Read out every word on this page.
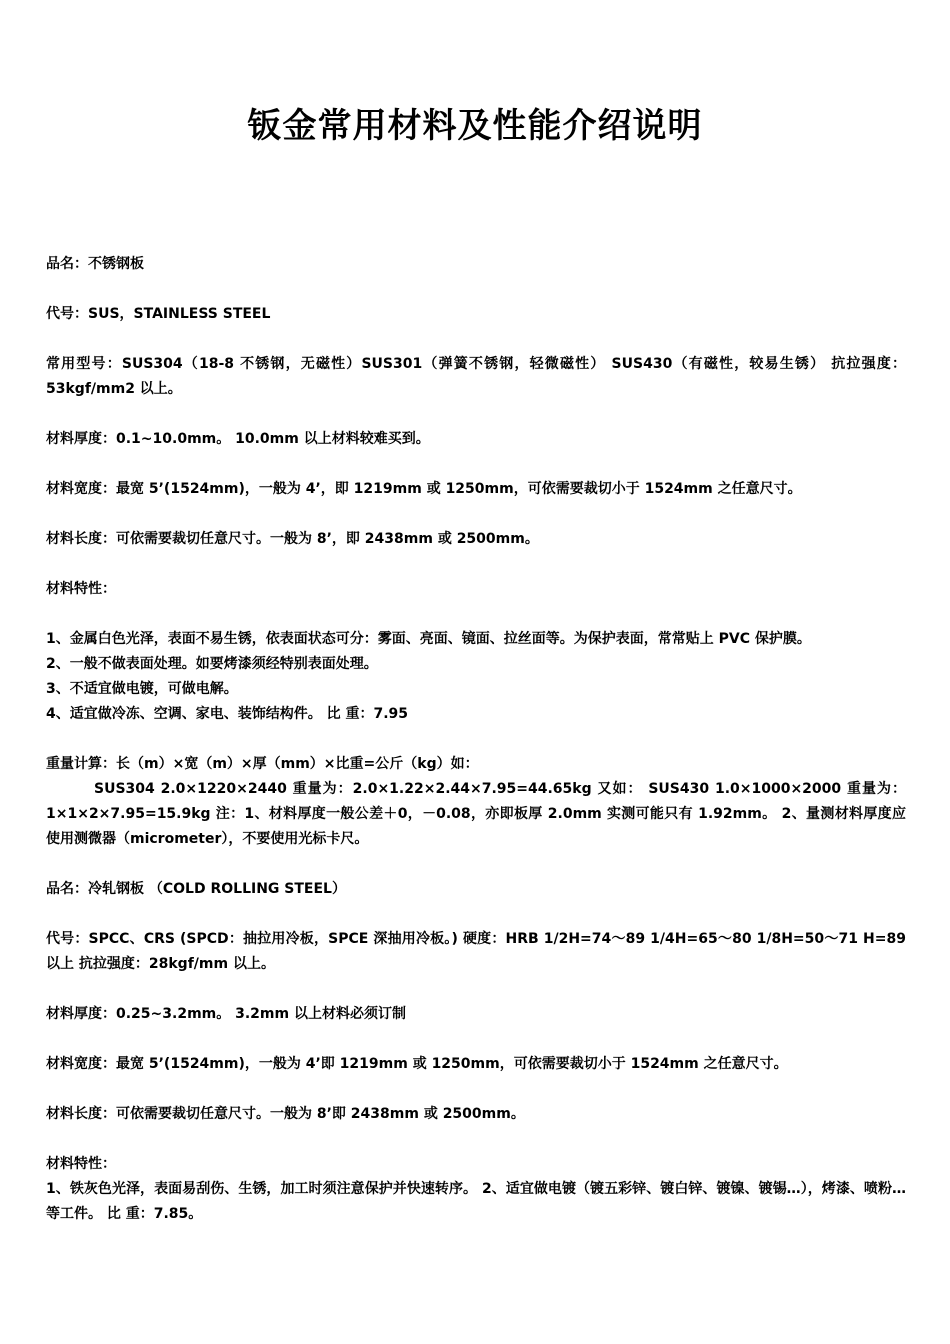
钣金常用材料及性能介绍说明

品名：不锈钢板

代号：SUS，STAINLESS STEEL

常用型号：SUS304（18-8 不锈钢，无磁性）SUS301（弹簧不锈钢，轻微磁性） SUS430（有磁性，较易生锈） 抗拉强度：53kgf/mm2 以上。

材料厚度：0.1~10.0mm。 10.0mm 以上材料较难买到。

材料宽度：最宽 5’(1524mm)，一般为 4’，即 1219mm 或 1250mm，可依需要裁切小于 1524mm 之任意尺寸。

材料长度：可依需要裁切任意尺寸。一般为 8’，即 2438mm 或 2500mm。

材料特性：

1、金属白色光泽，表面不易生锈，依表面状态可分：雾面、亮面、镜面、拉丝面等。为保护表面，常常贴上 PVC 保护膜。

2、一般不做表面处理。如要烤漆须经特别表面处理。

3、不适宜做电镀，可做电解。

4、适宜做冷冻、空调、家电、装饰结构件。 比 重：7.95

重量计算：长（m）×宽（m）×厚（mm）×比重=公斤（kg）如：

SUS304 2.0×1220×2440 重量为：2.0×1.22×2.44×7.95=44.65kg 又如： SUS430 1.0×1000×2000 重量为：1×1×2×7.95=15.9kg 注：1、材料厚度一般公差＋0，－0.08，亦即板厚 2.0mm 实测可能只有 1.92mm。 2、量测材料厚度应使用测微器（micrometer），不要使用光标卡尺。

品名：冷轧钢板 （COLD ROLLING STEEL）

代号：SPCC、CRS (SPCD：抽拉用冷板，SPCE 深抽用冷板。) 硬度：HRB 1/2H=74～89 1/4H=65～80 1/8H=50～71 H=89 以上 抗拉强度：28kgf/mm 以上。

材料厚度：0.25~3.2mm。 3.2mm 以上材料必须订制

材料宽度：最宽 5’(1524mm)，一般为 4’即 1219mm 或 1250mm，可依需要裁切小于 1524mm 之任意尺寸。

材料长度：可依需要裁切任意尺寸。一般为 8’即 2438mm 或 2500mm。

材料特性：

1、铁灰色光泽，表面易刮伤、生锈，加工时须注意保护并快速转序。 2、适宜做电镀（镀五彩锌、镀白锌、镀镍、镀锡…），烤漆、喷粉…等工件。 比 重：7.85。
